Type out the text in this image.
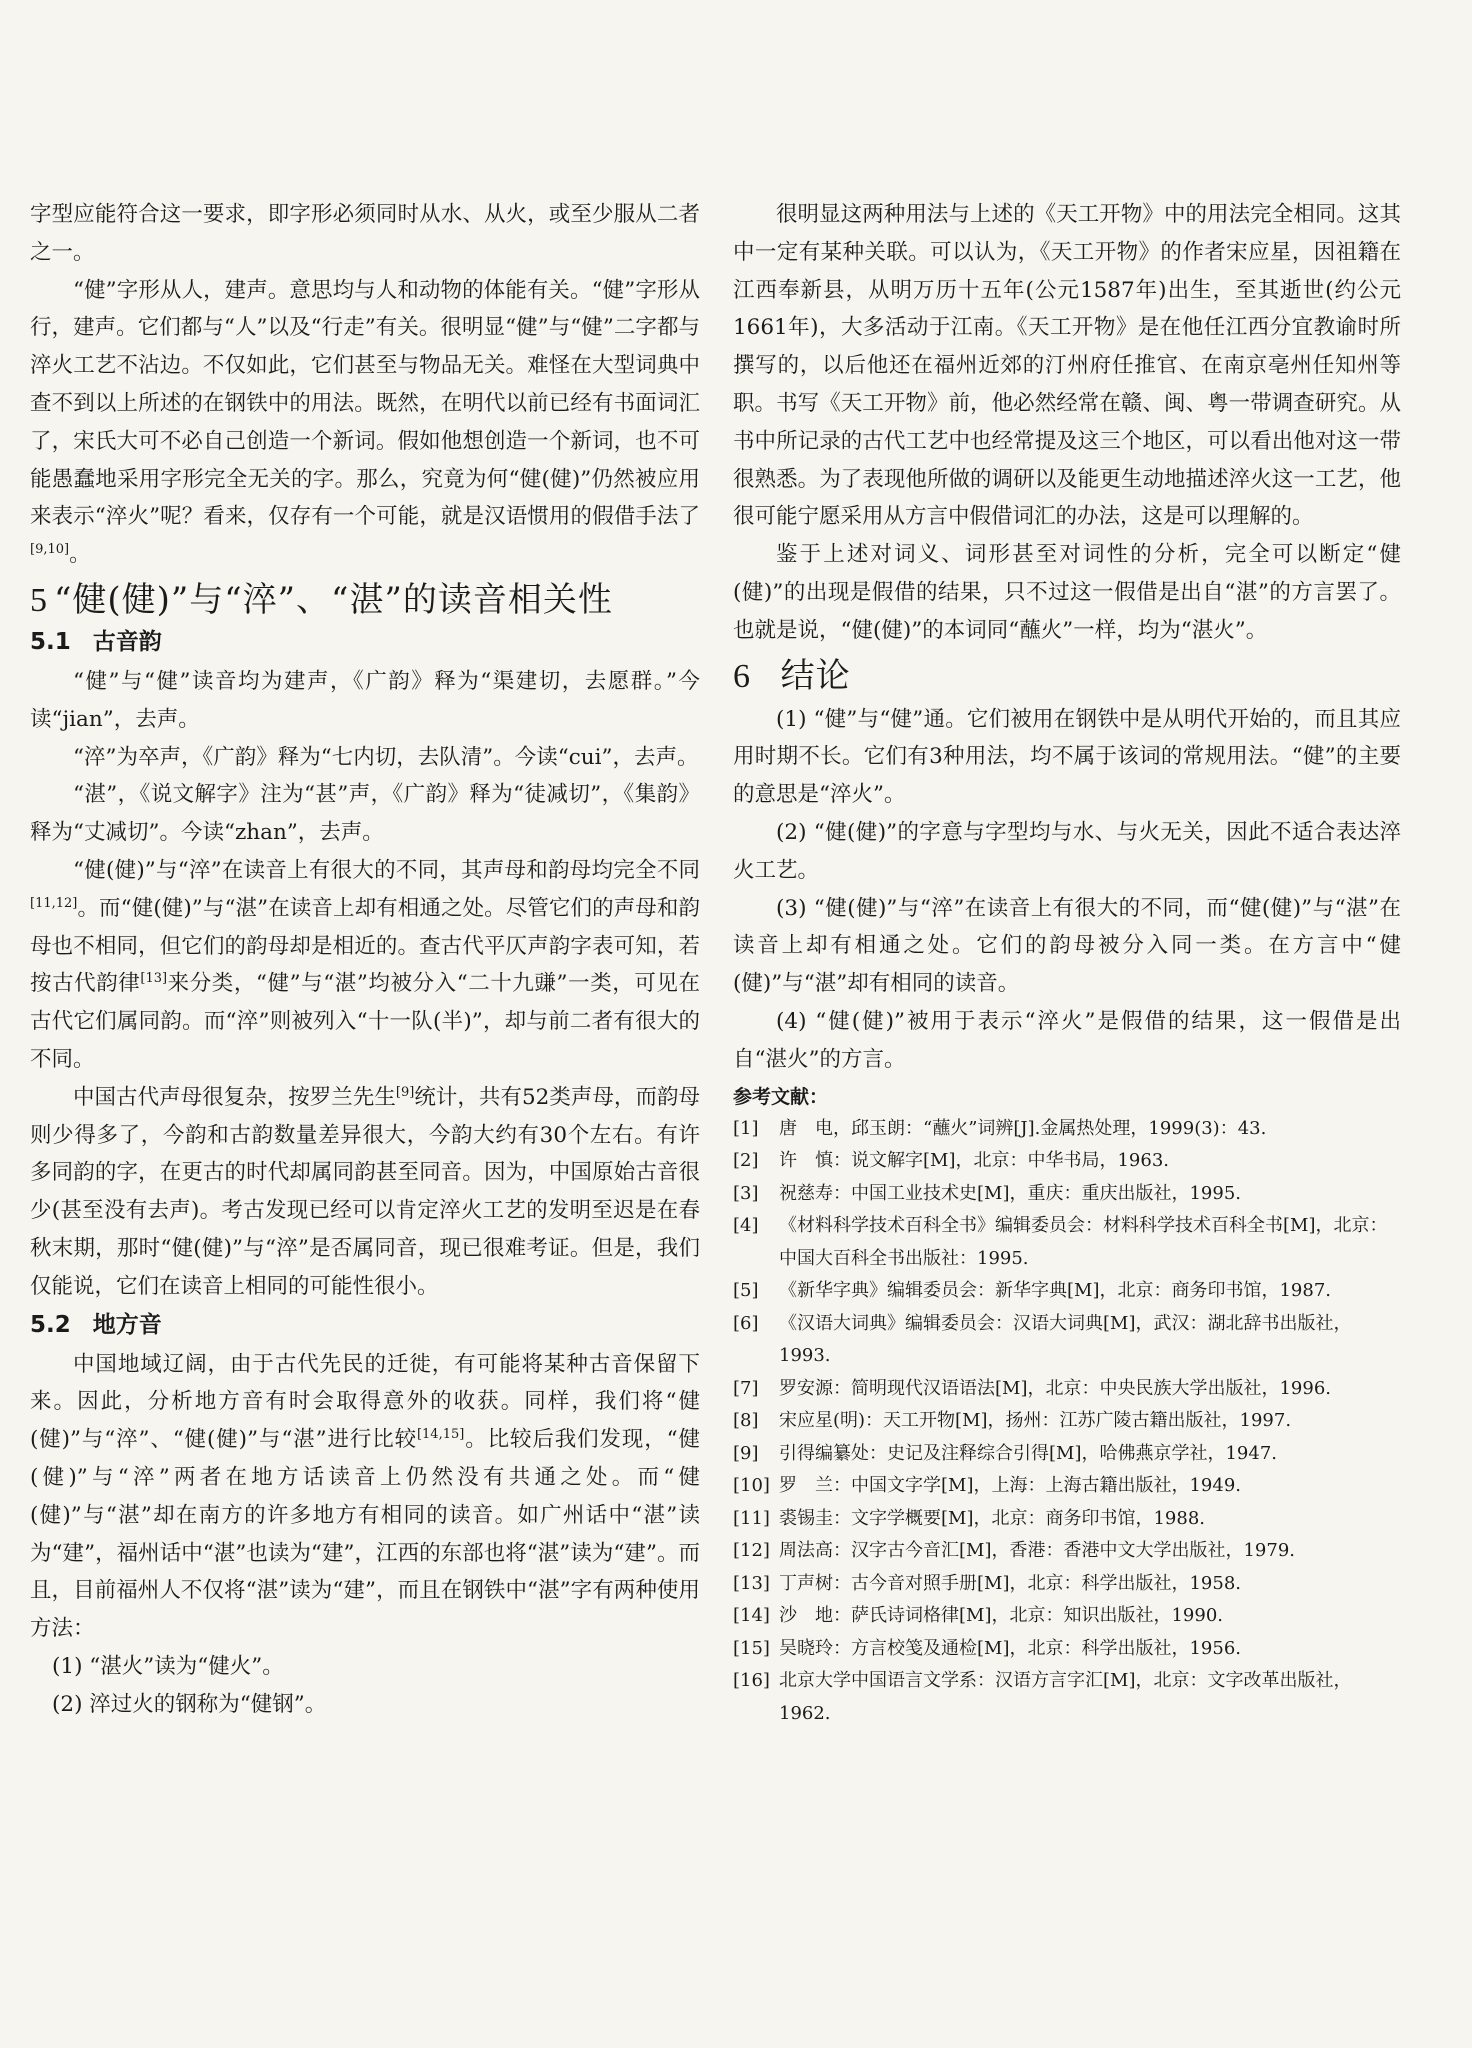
字型应能符合这一要求，即字形必须同时从水、从火，或至少服从二者之一。

“健”字形从人，建声。意思均与人和动物的体能有关。“健”字形从行，建声。它们都与“人”以及“行走”有关。很明显“健”与“健”二字都与淬火工艺不沾边。不仅如此，它们甚至与物品无关。难怪在大型词典中查不到以上所述的在钢铁中的用法。既然，在明代以前已经有书面词汇了，宋氏大可不必自己创造一个新词。假如他想创造一个新词，也不可能愚蠢地采用字形完全无关的字。那么，究竟为何“健(健)”仍然被应用来表示“淬火”呢？看来，仅存有一个可能，就是汉语惯用的假借手法了[9,10]。

5 “健(健)”与“淬”、“湛”的读音相关性
5.1 古音韵

“健”与“健”读音均为建声，《广韵》释为“渠建切，去愿群。”今读“jian”，去声。

“淬”为卒声，《广韵》释为“七内切，去队清”。今读“cui”，去声。

“湛”，《说文解字》注为“甚”声，《广韵》释为“徒减切”，《集韵》释为“丈减切”。今读“zhan”，去声。

“健(健)”与“淬”在读音上有很大的不同，其声母和韵母均完全不同[11,12]。而“健(健)”与“湛”在读音上却有相通之处。尽管它们的声母和韵母也不相同，但它们的韵母却是相近的。查古代平仄声韵字表可知，若按古代韵律[13]来分类，“健”与“湛”均被分入“二十九豏”一类，可见在古代它们属同韵。而“淬”则被列入“十一队(半)”，却与前二者有很大的不同。

中国古代声母很复杂，按罗兰先生[9]统计，共有52类声母，而韵母则少得多了，今韵和古韵数量差异很大，今韵大约有30个左右。有许多同韵的字，在更古的时代却属同韵甚至同音。因为，中国原始古音很少(甚至没有去声)。考古发现已经可以肯定淬火工艺的发明至迟是在春秋末期，那时“健(健)”与“淬”是否属同音，现已很难考证。但是，我们仅能说，它们在读音上相同的可能性很小。

5.2 地方音

中国地域辽阔，由于古代先民的迁徙，有可能将某种古音保留下来。因此，分析地方音有时会取得意外的收获。同样，我们将“健(健)”与“淬”、“健(健)”与“湛”进行比较[14,15]。比较后我们发现，“健(健)”与“淬”两者在地方话读音上仍然没有共通之处。而“健(健)”与“湛”却在南方的许多地方有相同的读音。如广州话中“湛”读为“建”，福州话中“湛”也读为“建”，江西的东部也将“湛”读为“建”。而且，目前福州人不仅将“湛”读为“建”，而且在钢铁中“湛”字有两种使用方法：

(1) “湛火”读为“健火”。

(2) 淬过火的钢称为“健钢”。

很明显这两种用法与上述的《天工开物》中的用法完全相同。这其中一定有某种关联。可以认为，《天工开物》的作者宋应星，因祖籍在江西奉新县，从明万历十五年(公元1587年)出生，至其逝世(约公元1661年)，大多活动于江南。《天工开物》是在他任江西分宜教谕时所撰写的，以后他还在福州近郊的汀州府任推官、在南京亳州任知州等职。书写《天工开物》前，他必然经常在赣、闽、粤一带调查研究。从书中所记录的古代工艺中也经常提及这三个地区，可以看出他对这一带很熟悉。为了表现他所做的调研以及能更生动地描述淬火这一工艺，他很可能宁愿采用从方言中假借词汇的办法，这是可以理解的。

鉴于上述对词义、词形甚至对词性的分析，完全可以断定“健(健)”的出现是假借的结果，只不过这一假借是出自“湛”的方言罢了。也就是说，“健(健)”的本词同“蘸火”一样，均为“湛火”。

6 结论

(1) “健”与“健”通。它们被用在钢铁中是从明代开始的，而且其应用时期不长。它们有3种用法，均不属于该词的常规用法。“健”的主要的意思是“淬火”。

(2) “健(健)”的字意与字型均与水、与火无关，因此不适合表达淬火工艺。

(3) “健(健)”与“淬”在读音上有很大的不同，而“健(健)”与“湛”在读音上却有相通之处。它们的韵母被分入同一类。在方言中“健(健)”与“湛”却有相同的读音。

(4) “健(健)”被用于表示“淬火”是假借的结果，这一假借是出自“湛火”的方言。

参考文献：
[1]	唐　电，邱玉朗：“蘸火”词辨[J].金属热处理，1999(3)：43.
[2]	许　慎：说文解字[M]，北京：中华书局，1963.
[3]	祝慈寿：中国工业技术史[M]，重庆：重庆出版社，1995.
[4]	《材料科学技术百科全书》编辑委员会：材料科学技术百科全书[M]，北京：中国大百科全书出版社：1995.
[5]	《新华字典》编辑委员会：新华字典[M]，北京：商务印书馆，1987.
[6]	《汉语大词典》编辑委员会：汉语大词典[M]，武汉：湖北辞书出版社，1993.
[7]	罗安源：简明现代汉语语法[M]，北京：中央民族大学出版社，1996.
[8]	宋应星(明)：天工开物[M]，扬州：江苏广陵古籍出版社，1997.
[9]	引得编纂处：史记及注释综合引得[M]，哈佛燕京学社，1947.
[10] 罗　兰：中国文字学[M]，上海：上海古籍出版社，1949.
[11] 裘锡圭：文字学概要[M]，北京：商务印书馆，1988.
[12] 周法高：汉字古今音汇[M]，香港：香港中文大学出版社，1979.
[13] 丁声树：古今音对照手册[M]，北京：科学出版社，1958.
[14] 沙　地：萨氏诗词格律[M]，北京：知识出版社，1990.
[15] 吴晓玲：方言校笺及通检[M]，北京：科学出版社，1956.
[16] 北京大学中国语言文学系：汉语方言字汇[M]，北京：文字改革出版社，1962.
